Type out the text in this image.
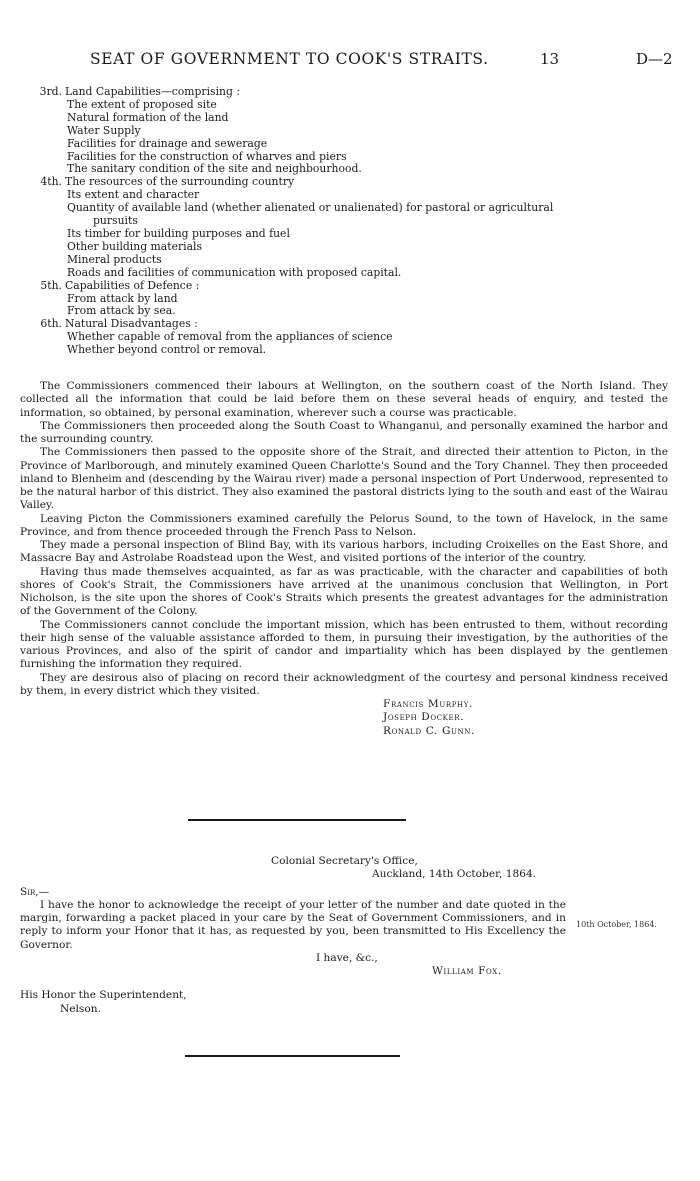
SEAT OF GOVERNMENT TO COOK'S STRAITS.	13	D—2
3rd. Land Capabilities—comprising :
The extent of proposed site
Natural formation of the land
Water Supply
Facilities for drainage and sewerage
Facilities for the construction of wharves and piers
The sanitary condition of the site and neighbourhood.
4th. The resources of the surrounding country
Its extent and character
Quantity of available land (whether alienated or unalienated) for pastoral or agricultural
pursuits
Its timber for building purposes and fuel
Other building materials
Mineral products
Roads and facilities of communication with proposed capital.
5th. Capabilities of Defence :
From attack by land
From attack by sea.
6th. Natural Disadvantages :
Whether capable of removal from the appliances of science
Whether beyond control or removal.

The Commissioners commenced their labours at Wellington, on the southern coast of the North Island. They collected all the information that could be laid before them on these several heads of enquiry, and tested the information, so obtained, by personal examination, wherever such a course was practicable.

The Commissioners then proceeded along the South Coast to Whanganui, and personally examined the harbor and the surrounding country.

The Commissioners then passed to the opposite shore of the Strait, and directed their attention to Picton, in the Province of Marlborough, and minutely examined Queen Charlotte's Sound and the Tory Channel. They then proceeded inland to Blenheim and (descending by the Wairau river) made a personal inspection of Port Underwood, represented to be the natural harbor of this district. They also examined the pastoral districts lying to the south and east of the Wairau Valley.

Leaving Picton the Commissioners examined carefully the Pelorus Sound, to the town of Havelock, in the same Province, and from thence proceeded through the French Pass to Nelson.

They made a personal inspection of Blind Bay, with its various harbors, including Croixelles on the East Shore, and Massacre Bay and Astrolabe Roadstead upon the West, and visited portions of the interior of the country.

Having thus made themselves acquainted, as far as was practicable, with the character and capabilities of both shores of Cook's Strait, the Commissioners have arrived at the unanimous conclusion that Wellington, in Port Nicholson, is the site upon the shores of Cook's Straits which presents the greatest advantages for the administration of the Government of the Colony.

The Commissioners cannot conclude the important mission, which has been entrusted to them, without recording their high sense of the valuable assistance afforded to them, in pursuing their investigation, by the authorities of the various Provinces, and also of the spirit of candor and impartiality which has been displayed by the gentlemen furnishing the information they required.

They are desirous also of placing on record their acknowledgment of the courtesy and personal kindness received by them, in every district which they visited.

Francis Murphy.
Joseph Docker.
Ronald C. Gunn.
Colonial Secretary's Office,
Auckland, 14th October, 1864.
Sir,—

I have the honor to acknowledge the receipt of your letter of the number and date quoted in the margin, forwarding a packet placed in your care by the Seat of Government Commissioners, and in reply to inform your Honor that it has, as requested by you, been transmitted to His Excellency the Governor.

I have, &c.,
William Fox.
His Honor the Superintendent,
Nelson.
10th October, 1864.
